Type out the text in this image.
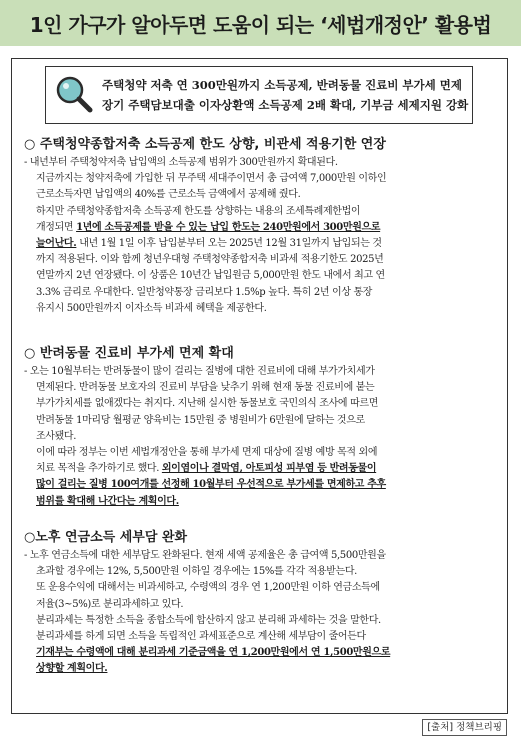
1인 가구가 알아두면 도움이 되는 ‘세법개정안’ 활용법
주택청약 저축 연 300만원까지 소득공제, 반려동물 진료비 부가세 면제
장기 주택담보대출 이자상환액 소득공제 2배 확대, 기부금 세제지원 강화
○ 주택청약종합저축 소득공제 한도 상향, 비관세 적용기한 연장

- 내년부터 주택청약저축 납입액의 소득공제 범위가 300만원까지 확대된다.

지금까지는 청약저축에 가입한 뒤 무주택 세대주이면서 총 급여액 7,000만원 이하인

근로소득자면 납입액의 40%를 근로소득 금액에서 공제해 줬다.

하지만 주택청약종합저축 소득공제 한도를 상향하는 내용의 조세특례제한법이

개정되면 1년에 소득공제를 받을 수 있는 납입 한도는 240만원에서 300만원으로

늘어난다. 내년 1월 1일 이후 납입분부터 오는 2025년 12월 31일까지 납입되는 것

까지 적용된다. 이와 함께 청년우대형 주택청약종합저축 비과세 적용기한도 2025년

연말까지 2년 연장됐다. 이 상품은 10년간 납입원금 5,000만원 한도 내에서 최고 연

3.3% 금리로 우대한다. 일반청약통장 금리보다 1.5%p 높다. 특히 2년 이상 통장

유지시 500만원까지 이자소득 비과세 혜택을 제공한다.

○ 반려동물 진료비 부가세 면제 확대

- 오는 10월부터는 반려동물이 많이 걸리는 질병에 대한 진료비에 대해 부가가치세가

면제된다. 반려동물 보호자의 진료비 부담을 낮추기 위해 현재 동물 진료비에 붙는

부가가치세를 없애겠다는 취지다. 지난해 실시한 동물보호 국민의식 조사에 따르면

반려동물 1마리당 월평균 양육비는 15만원 중 병원비가 6만원에 달하는 것으로

조사됐다.

이에 따라 정부는 이번 세법개정안을 통해 부가세 면제 대상에 질병 예방 목적 외에

치료 목적을 추가하기로 했다. 외이염이나 결막염, 아토피성 피부염 등 반려동물이

많이 걸리는 질병 100여개를 선정해 10월부터 우선적으로 부가세를 면제하고 추후

범위를 확대해 나간다는 계획이다.

○노후 연금소득 세부담 완화

- 노후 연금소득에 대한 세부담도 완화된다. 현재 세액 공제율은 총 급여액 5,500만원을

초과할 경우에는 12%, 5,500만원 이하일 경우에는 15%를 각각 적용받는다.

또 운용수익에 대해서는 비과세하고, 수령액의 경우 연 1,200만원 이하 연금소득에

저율(3~5%)로 분리과세하고 있다.

분리과세는 특정한 소득을 종합소득에 합산하지 않고 분리해 과세하는 것을 말한다.

분리과세를 하게 되면 소득을 독립적인 과세표준으로 계산해 세부담이 줄어든다

기재부는 수령액에 대해 분리과세 기준금액을 연 1,200만원에서 연 1,500만원으로

상향할 계획이다.

[출처] 정책브리핑
